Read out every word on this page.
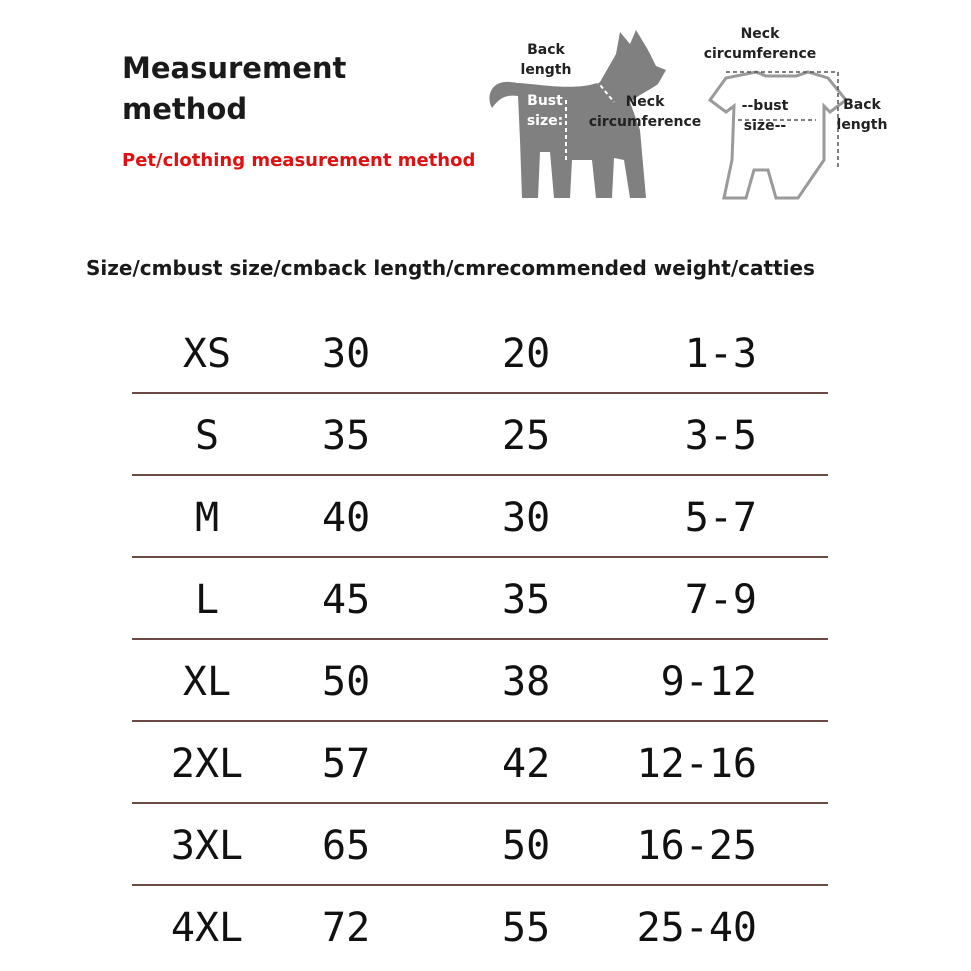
Measurement
method
Pet/clothing measurement method
Back
length
Bust
size:
Neck
circumference
Neck
circumference
--bust
size--
Back
length
Size/cm bust size/cm back length/cm recommended weight/catties
XS	30	20	1-3
S	35	25	3-5
M	40	30	5-7
L	45	35	7-9
XL	50	38	9-12
2XL	57	42	12-16
3XL	65	50	16-25
4XL	72	55	25-40
